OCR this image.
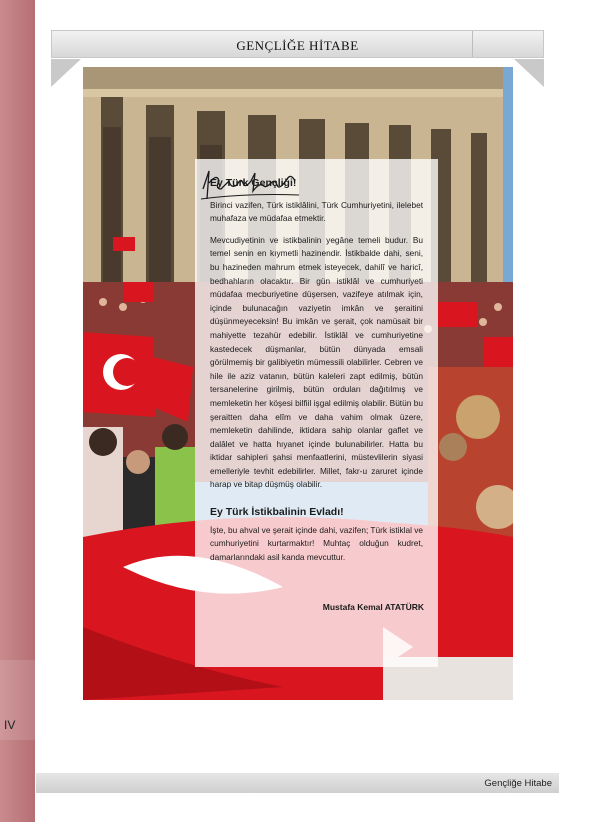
IV
GENÇLİĞE HİTABE
Ey Türk Gençliği!

Birinci vazifen, Türk istiklâlini, Türk Cumhuriyetini, ilelebet muhafaza ve müdafaa etmektir.

Mevcudiyetinin ve istikbalinin yegâne temeli budur. Bu temel senin en kıymetli hazinendir. İstikbalde dahi, seni, bu hazineden mahrum etmek isteyecek, dahilî ve haricî, bedhahların olacaktır. Bir gün istiklâl ve cumhuriyeti müdafaa mecburiyetine düşersen, vazifeye atılmak için, içinde bulunacağın vaziyetin imkân ve şeraitini düşünmeyeceksin! Bu imkân ve şerait, çok namüsait bir mahiyette tezahür edebilir. İstiklâl ve cumhuriyetine kastedecek düşmanlar, bütün dünyada emsali görülmemiş bir galibiyetin mümessili olabilirler. Cebren ve hile ile aziz vatanın, bütün kaleleri zapt edilmiş, bütün tersanelerine girilmiş, bütün orduları dağıtılmış ve memleketin her köşesi bilfiil işgal edilmiş olabilir. Bütün bu şeraitten daha elîm ve daha vahim olmak üzere, memleketin dahilinde, iktidara sahip olanlar gaflet ve dalâlet ve hatta hıyanet içinde bulunabilirler. Hatta bu iktidar sahipleri şahsi menfaatlerini, müstevlilerin siyasi emelleriyle tevhit edebilirler. Millet, fakr-u zaruret içinde harap ve bitap düşmüş olabilir.

Ey Türk İstikbalinin Evladı!

İşte, bu ahval ve şerait içinde dahi, vazifen; Türk istiklal ve cumhuriyetini kurtarmaktır! Muhtaç olduğun kudret, damarlarındaki asil kanda mevcuttur.

Mustafa Kemal ATATÜRK
Gençliğe Hitabe
